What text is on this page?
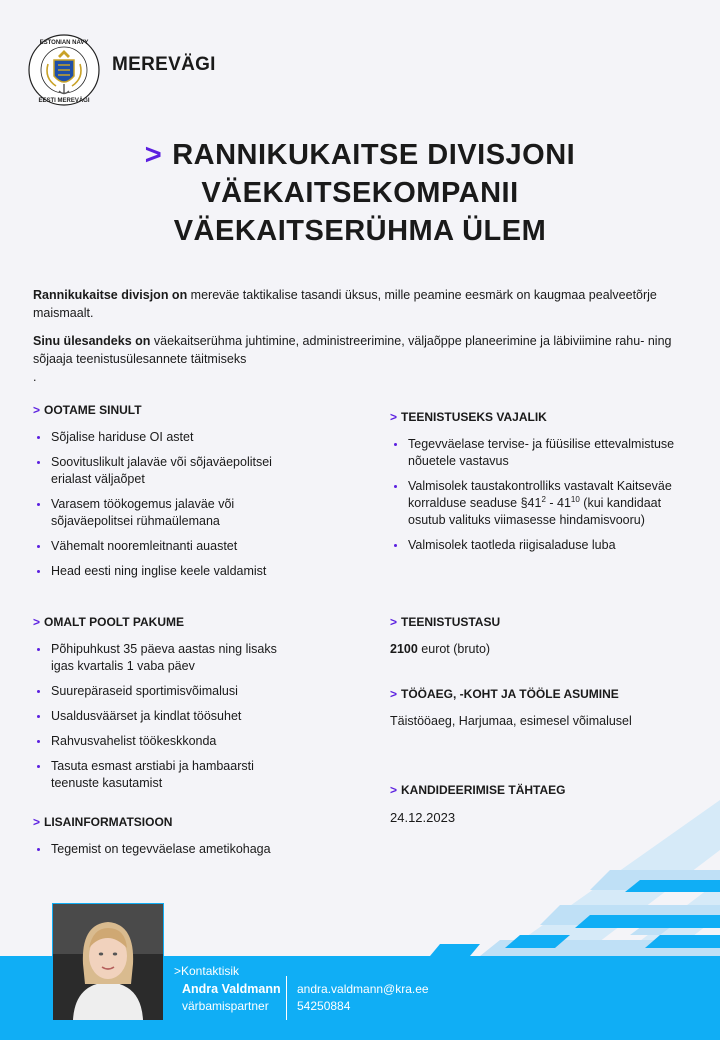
ESTONIAN NAVY
EESTI MEREVÄGI
MEREVÄGI
> RANNIKUKAITSE DIVISJONI
VÄEKAITSEKOMPANII
VÄEKAITSERÜHMA ÜLEM
Rannikukaitse divisjon on mereväe taktikalise tasandi üksus, mille peamine eesmärk on kaugmaa pealveetõrje maismaalt.
Sinu ülesandeks on väekaitserühma juhtimine, administreerimine, väljaõppe planeerimine ja läbiviimine rahu- ning sõjaaja teenistusülesannete täitmiseks
.
> OOTAME SINULT
Sõjalise hariduse OI astet
Soovituslikult jalaväe või sõjaväepolitsei erialast väljaõpet
Varasem töökogemus jalaväe või sõjaväepolitsei rühmaülemana
Vähemalt nooremleitnanti auastet
Head eesti ning inglise keele valdamist
> OMALT POOLT PAKUME
Põhipuhkust 35 päeva aastas ning lisaks igas kvartalis 1 vaba päev
Suurepäraseid sportimisvõimalusi
Usaldusväärset ja kindlat töösuhet
Rahvusvahelist töökeskkonda
Tasuta esmast arstiabi ja hambaarsti teenuste kasutamist
> LISAINFORMATSIOON
Tegemist on tegevväelase ametikohaga
> TEENISTUSEKS VAJALIK
Tegevväelase tervise- ja füüsilise ettevalmistuse nõuetele vastavus
Valmisolek taustakontrolliks vastavalt Kaitseväe korralduse seaduse $\S 41^2 - 41^{10}$ (kui kandidaat osutub valituks viimasesse hindamisvooru)
Valmisolek taotleda riigisaladuse luba
> TEENISTUSTASU
2100 eurot (bruto)
> TÖÖAEG, -KOHT JA TÖÖLE ASUMINE
Täistööaeg, Harjumaa, esimesel võimalusel
> KANDIDEERIMISE TÄHTAEG
24.12.2023
>Kontaktisik
Andra Valdmann
värbamispartner
andra.valdmann@kra.ee
54250884
